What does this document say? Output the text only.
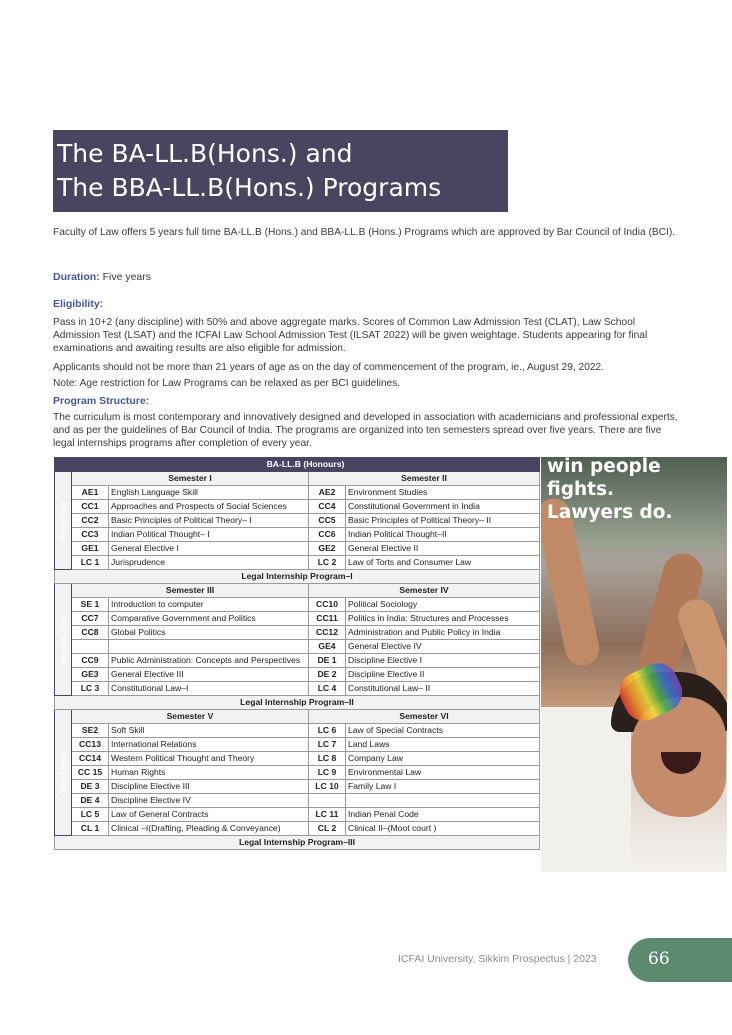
The BA-LL.B(Hons.) and
The BBA-LL.B(Hons.) Programs
Faculty of Law offers 5 years full time BA-LL.B (Hons.) and BBA-LL.B (Hons.) Programs which are approved by Bar Council of India (BCI).
Duration: Five years
Eligibility:
Pass in 10+2 (any discipline) with 50% and above aggregate marks. Scores of Common Law Admission Test (CLAT), Law School Admission Test (LSAT) and the ICFAI Law School Admission Test (ILSAT 2022) will be given weightage. Students appearing for final examinations and awaiting results are also eligible for admission.
Applicants should not be more than 21 years of age as on the day of commencement of the program, ie., August 29, 2022.
Note: Age restriction for Law Programs can be relaxed as per BCI guidelines.
Program Structure:
The curriculum is most contemporary and innovatively designed and developed in association with academicians and professional experts, and as per the guidelines of Bar Council of India. The programs are organized into ten semesters spread over five years. There are five legal internships programs after completion of every year.
	BA-LL.B (Honours)			

First Year	Semester I		Semester II	
	AE1	English Language Skill	AE2	Environment Studies
	CC1	Approaches and Prospects of Social Sciences	CC4	Constitutional Government in India
	CC2	Basic Principles of Political Theory– I	CC5	Basic Principles of Political Theory– II
	CC3	Indian Political Thought– I	CC6	Indian Political Thought–II
	GE1	General Elective I	GE2	General Elective II
	LC 1	Jurisprudence	LC 2	Law of Torts and Consumer Law
Legal Internship Program–I				

Second Year	Semester III		Semester IV	
	SE 1	Introduction to computer	CC10	Political Sociology
	CC7	Comparative Government and Politics	CC11	Politics in India: Structures and Processes
	CC8	Global Politics	CC12	Administration and Public Policy in India
			GE4	General Elective IV
	CC9	Public Administration: Concepts and Perspectives	DE 1	Discipline Elective I
	GE3	General Elective III	DE 2	Discipline Elective II
	LC 3	Constitutional Law–I	LC 4	Constitutional Law– II
Legal Internship Program–II				

Third Year	Semester V		Semester VI	
	SE2	Soft Skill	LC 6	Law of Special Contracts
	CC13	International Relations	LC 7	Land Laws
	CC14	Western Political Thought and Theory	LC 8	Company Law
	CC 15	Human Rights	LC 9	Environmental Law
	DE 3	Discipline Elective III	LC 10	Family Law I
	DE 4	Discipline Elective IV		
	LC 5	Law of General Contracts	LC 11	Indian Penal Code
	CL 1	Clinical –I(Drafting, Pleading & Conveyance)	CL 2	Clinical II–(Moot court )
Legal Internship Program–III				
win people
fights.
Lawyers do.
ICFAI University, Sikkim Prospectus | 2023	66
